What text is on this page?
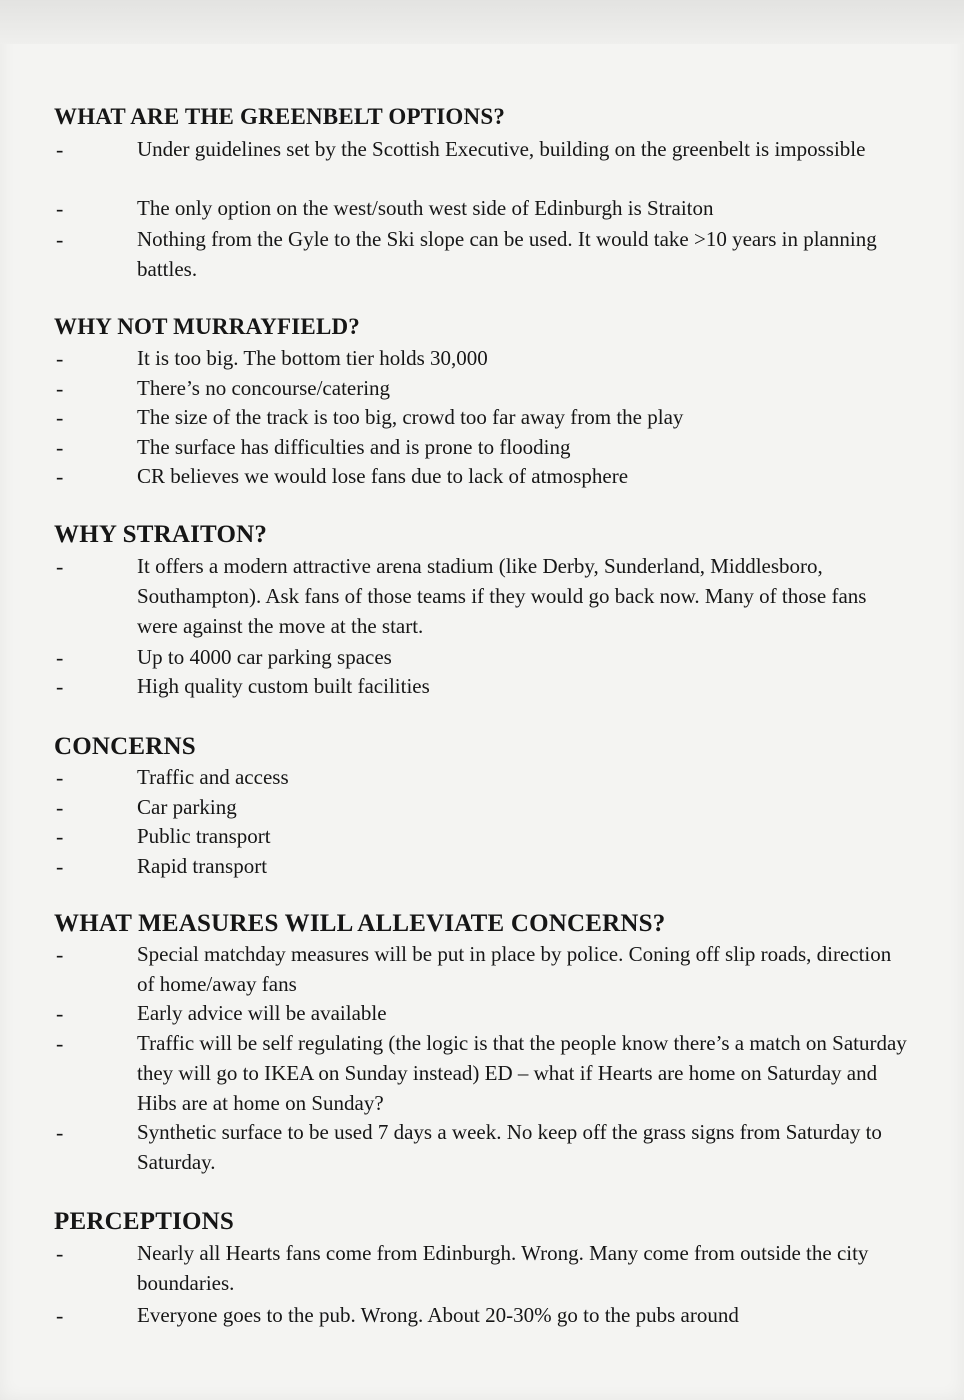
WHAT ARE THE GREENBELT OPTIONS?
-	Under guidelines set by the Scottish Executive, building on the greenbelt is impossible
-	The only option on the west/south west side of Edinburgh is Straiton
-	Nothing from the Gyle to the Ski slope can be used. It would take >10 years in planning battles.
WHY NOT MURRAYFIELD?
-	It is too big. The bottom tier holds 30,000
-	There’s no concourse/catering
-	The size of the track is too big, crowd too far away from the play
-	The surface has difficulties and is prone to flooding
-	CR believes we would lose fans due to lack of atmosphere
WHY STRAITON?
-	It offers a modern attractive arena stadium (like Derby, Sunderland, Middlesboro, Southampton). Ask fans of those teams if they would go back now. Many of those fans were against the move at the start.
-	Up to 4000 car parking spaces
-	High quality custom built facilities
CONCERNS
-	Traffic and access
-	Car parking
-	Public transport
-	Rapid transport
WHAT MEASURES WILL ALLEVIATE CONCERNS?
-	Special matchday measures will be put in place by police. Coning off slip roads, direction of home/away fans
-	Early advice will be available
-	Traffic will be self regulating (the logic is that the people know there’s a match on Saturday they will go to IKEA on Sunday instead) ED – what if Hearts are home on Saturday and Hibs are at home on Sunday?
-	Synthetic surface to be used 7 days a week. No keep off the grass signs from Saturday to Saturday.
PERCEPTIONS
-	Nearly all Hearts fans come from Edinburgh. Wrong. Many come from outside the city boundaries.
-	Everyone goes to the pub. Wrong. About 20-30% go to the pubs around
